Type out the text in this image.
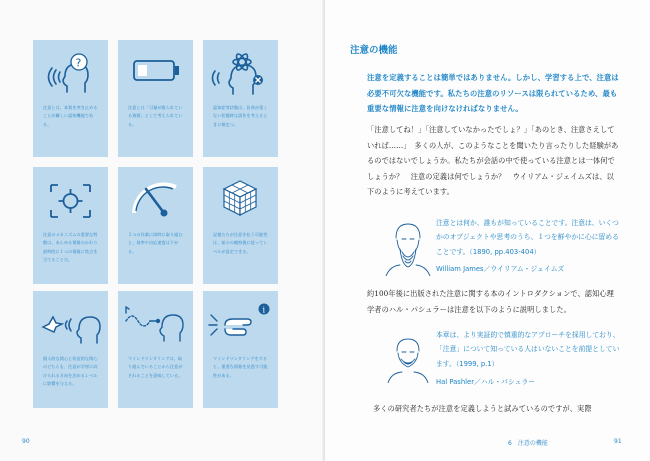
?
注意とは、本質を突き止めることが難しい認知機能である。
注意とは「可量が限られている資源」として考えられている。
認知症等状態は、負荷が重くない状態時は誤作を考えるときに検定つ。
注意のメカニズムの重要な特徴は、あらゆる情報のかわり最終的に１つの情報に焦点を当てることだ。
２つの作業に同時に取り組むと、効率や出応速度は下がる。
記憶たちが注意を払う可能性は、前のの観察後に従ってレベルが設定できる。
個人的な関心と状況的な関心のどちらも、注意が学習に向けられる方向を決めるレベルに影響を与える。
マインドワンダリングは、取り組んでいることから注意がそれることを意味している。
i
マインドワンダリングをすると、重要な情報を見逃す可能性がある。
90
注意の機能
注意を定義することは簡単ではありません。しかし、学習する上で、注意は必要不可欠な機能です。私たちの注意のリソースは限られているため、最も重要な情報に注意を向けなければなりません。
「注意してね！」「注意していなかったでしょ？」「あのとき、注意さえしていれば……」　多くの人が、このようなことを聞いたり言ったりした経験があるのではないでしょうか。私たちが会話の中で使っている注意とは一体何でしょうか？　注意の定義は何でしょうか？　ウイリアム・ジェイムズは、以下のように考えています。
注意とは何か、誰もが知っていることです。注意は、いくつかのオブジェクトや思考のうち、１つを鮮やかに心に留めることです。（1890, pp.403-404）
William James／ウイリアム・ジェイムズ
約100年後に出版された注意に関する本のイントロダクションで、認知心理学者のハル・パシュラーは注意を以下のように説明しました。
本章は、より実証的で慎重的なアプローチを採用しており、「注意」について知っている人はいないことを前提としています。（1999, p.1）
Hal Pashler／ハル・パシュラー
多くの研究者たちが注意を定義しようと試みているのですが、実際
6　注意の機能	91
